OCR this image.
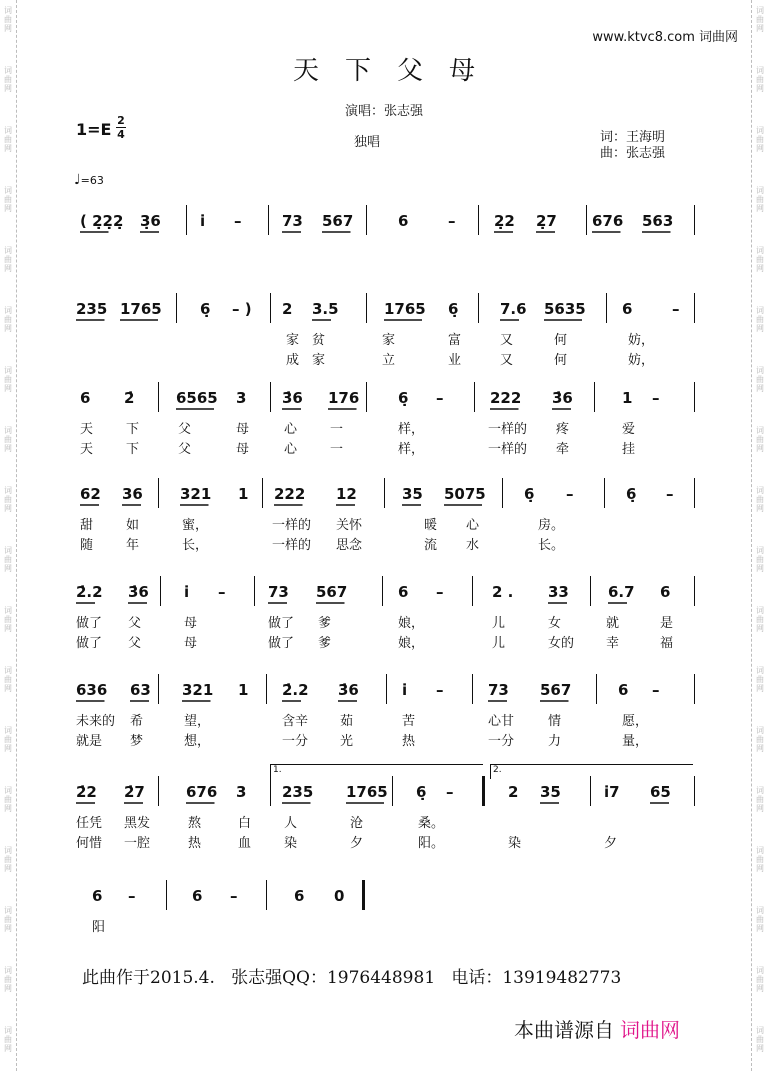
词
曲
网
词
曲
网
词
曲
网
词
曲
网
词
曲
网
词
曲
网
词
曲
网
词
曲
网
词
曲
网
词
曲
网
词
曲
网
词
曲
网
词
曲
网
词
曲
网
词
曲
网
词
曲
网
词
曲
网
词
曲
网
词
曲
网
词
曲
网
词
曲
网
词
曲
网
词
曲
网
词
曲
网
词
曲
网
词
曲
网
词
曲
网
词
曲
网
词
曲
网
词
曲
网
词
曲
网
词
曲
网
词
曲
网
词
曲
网
词
曲
网
词
曲
网
www.ktvc8.com 词曲网
天下父母
演唱：张志强
独唱	词：王海明
曲：张志强
1=E 2
4
♩=63
( 2̣2̣2̣ 3̣6	i̇ –	73 567	6	–	2̣2 2̣7 676 563
235 1765	6̣ – ) 2 3.5	1765 6̣	7.6 5635 6	–
家 贫	家	富	又	何	妨，
成 家	立	业	又	何	妨，
6 2̇	6565 3 3̇6 176	6̣ –	222 3̇6	1 –
天	下	父	母	心	一	样，	一样的 疼	爱
天	下	父	母	心	一	样，	一样的 牵	挂
62 36 321 1 222 12	35 5075	6̣ –	6̣ –
甜	如	蜜，	一样的 关怀	暖 心	房。
随	年	长，	一样的 思念	流 水	长。
2̇.2 3̇6 i̇ –	73 567	6 –	2 . 33	6.7 6
做了 父	母	做了 爹	娘，	儿	女	就	是
做了 父	母	做了 爹	娘，	儿	女的 幸	福
636 63 321 1 2̇.2 3̇6	i̇ –	73 567	6 –
未来的 希	望，	含辛 茹	苦	心甘	情	愿，
就是 梦	想，	一分 光	热	一分	力	量，
2̇2 2̇7	676 3 235 1765 6̣ –	2 35	i̇7 65
任凭 黑发	熬	白	人	沧	桑。
何惜 一腔	热	血	染	夕	阳。	染	夕
6 –	6 –	6 0
阳
1.	2.
此曲作于2015.4.   张志强QQ：1976448981   电话：13919482773
本曲谱源自 词曲网
